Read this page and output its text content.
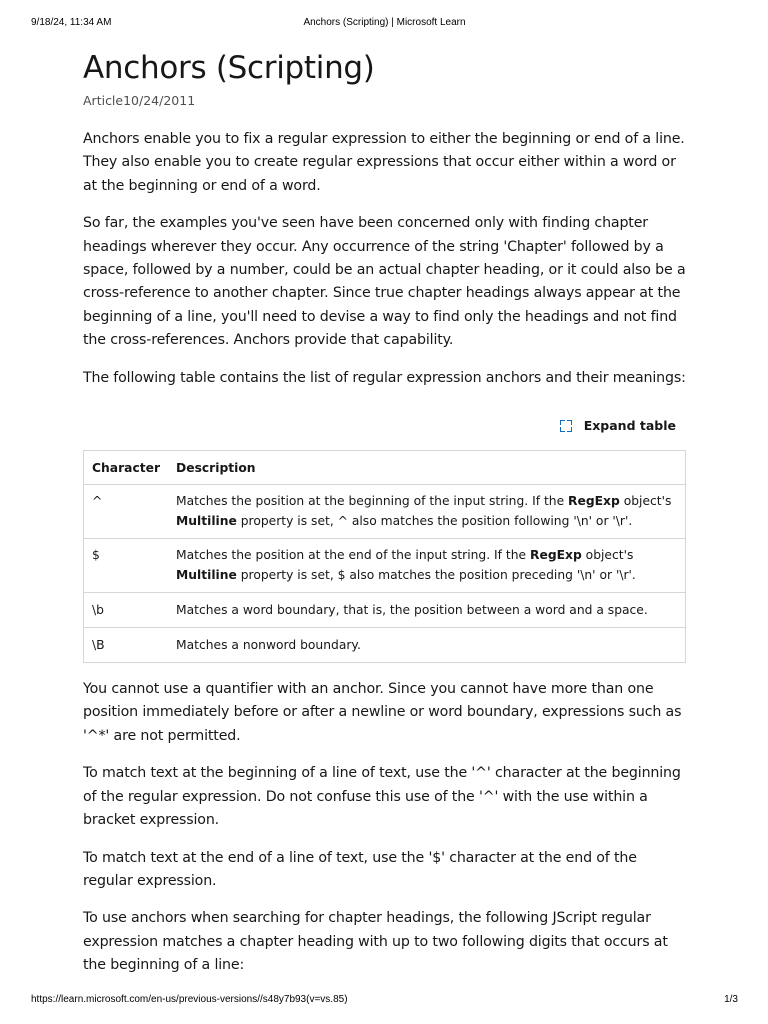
9/18/24, 11:34 AM	Anchors (Scripting) | Microsoft Learn
Anchors (Scripting)
Article10/24/2011

Anchors enable you to fix a regular expression to either the beginning or end of a line. They also enable you to create regular expressions that occur either within a word or at the beginning or end of a word.

So far, the examples you've seen have been concerned only with finding chapter headings wherever they occur. Any occurrence of the string 'Chapter' followed by a space, followed by a number, could be an actual chapter heading, or it could also be a cross-reference to another chapter. Since true chapter headings always appear at the beginning of a line, you'll need to devise a way to find only the headings and not find the cross-references. Anchors provide that capability.

The following table contains the list of regular expression anchors and their meanings:

Expand table
Character	Description
^	Matches the position at the beginning of the input string. If the RegExp object's Multiline property is set, ^ also matches the position following '\n' or '\r'.
$	Matches the position at the end of the input string. If the RegExp object's Multiline property is set, $ also matches the position preceding '\n' or '\r'.
\b	Matches a word boundary, that is, the position between a word and a space.
\B	Matches a nonword boundary.

You cannot use a quantifier with an anchor. Since you cannot have more than one position immediately before or after a newline or word boundary, expressions such as '^*' are not permitted.

To match text at the beginning of a line of text, use the '^' character at the beginning of the regular expression. Do not confuse this use of the '^' with the use within a bracket expression.

To match text at the end of a line of text, use the '$' character at the end of the regular expression.

To use anchors when searching for chapter headings, the following JScript regular expression matches a chapter heading with up to two following digits that occurs at the beginning of a line:

https://learn.microsoft.com/en-us/previous-versions//s48y7b93(v=vs.85)	1/3
